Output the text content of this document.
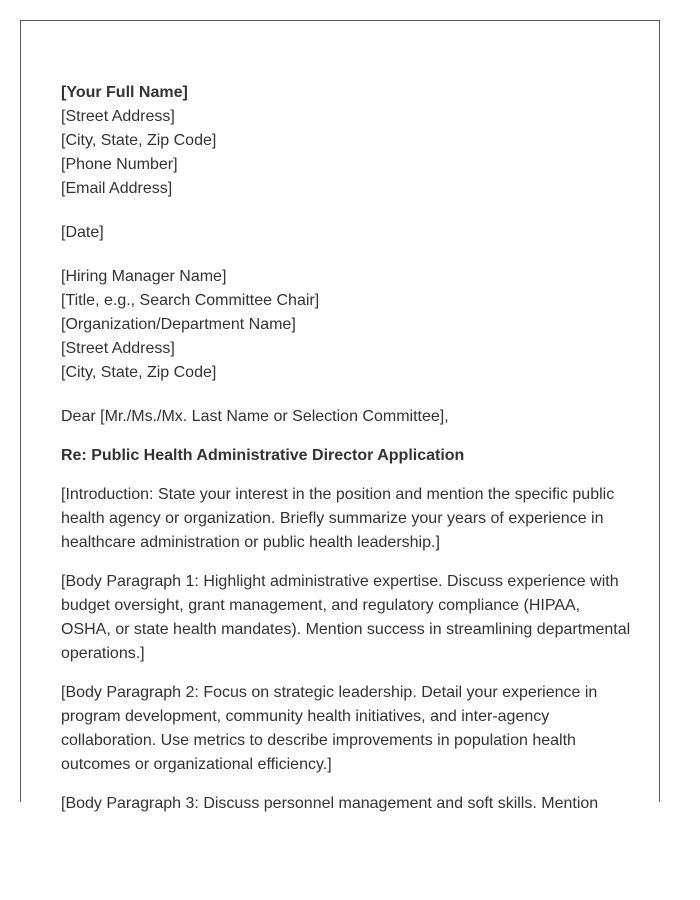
[Your Full Name]
[Street Address]
[City, State, Zip Code]
[Phone Number]
[Email Address]
[Date]
[Hiring Manager Name]
[Title, e.g., Search Committee Chair]
[Organization/Department Name]
[Street Address]
[City, State, Zip Code]

Dear [Mr./Ms./Mx. Last Name or Selection Committee],

Re: Public Health Administrative Director Application

[Introduction: State your interest in the position and mention the specific public health agency or organization. Briefly summarize your years of experience in healthcare administration or public health leadership.]

[Body Paragraph 1: Highlight administrative expertise. Discuss experience with budget oversight, grant management, and regulatory compliance (HIPAA, OSHA, or state health mandates). Mention success in streamlining departmental operations.]

[Body Paragraph 2: Focus on strategic leadership. Detail your experience in program development, community health initiatives, and inter-agency collaboration. Use metrics to describe improvements in population health outcomes or organizational efficiency.]

[Body Paragraph 3: Discuss personnel management and soft skills. Mention
